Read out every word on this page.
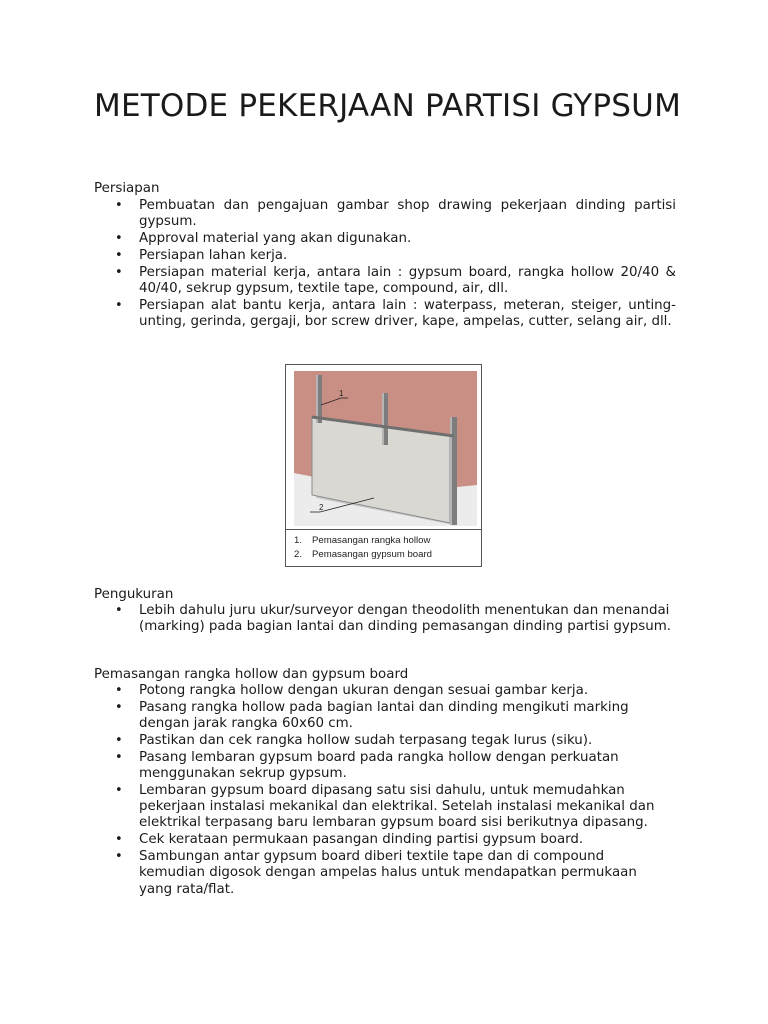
METODE PEKERJAAN PARTISI GYPSUM

Persiapan

• Pembuatan dan pengajuan gambar shop drawing pekerjaan dinding partisi gypsum.
• Approval material yang akan digunakan.
• Persiapan lahan kerja.
• Persiapan material kerja, antara lain : gypsum board, rangka hollow 20/40 & 40/40, sekrup gypsum, textile tape, compound, air, dll.
• Persiapan alat bantu kerja, antara lain : waterpass, meteran, steiger, unting-unting, gerinda, gergaji, bor screw driver, kape, ampelas, cutter, selang air, dll.
1
2
1. Pemasangan rangka hollow
2. Pemasangan gypsum board

Pengukuran

• Lebih dahulu juru ukur/surveyor dengan theodolith menentukan dan menandai (marking) pada bagian lantai dan dinding pemasangan dinding partisi gypsum.

Pemasangan rangka hollow dan gypsum board

• Potong rangka hollow dengan ukuran dengan sesuai gambar kerja.
• Pasang rangka hollow pada bagian lantai dan dinding mengikuti marking dengan jarak rangka 60x60 cm.
• Pastikan dan cek rangka hollow sudah terpasang tegak lurus (siku).
• Pasang lembaran gypsum board pada rangka hollow dengan perkuatan menggunakan sekrup gypsum.
• Lembaran gypsum board dipasang satu sisi dahulu, untuk memudahkan pekerjaan instalasi mekanikal dan elektrikal. Setelah instalasi mekanikal dan elektrikal terpasang baru lembaran gypsum board sisi berikutnya dipasang.
• Cek kerataan permukaan pasangan dinding partisi gypsum board.
• Sambungan antar gypsum board diberi textile tape dan di compound kemudian digosok dengan ampelas halus untuk mendapatkan permukaan yang rata/flat.
